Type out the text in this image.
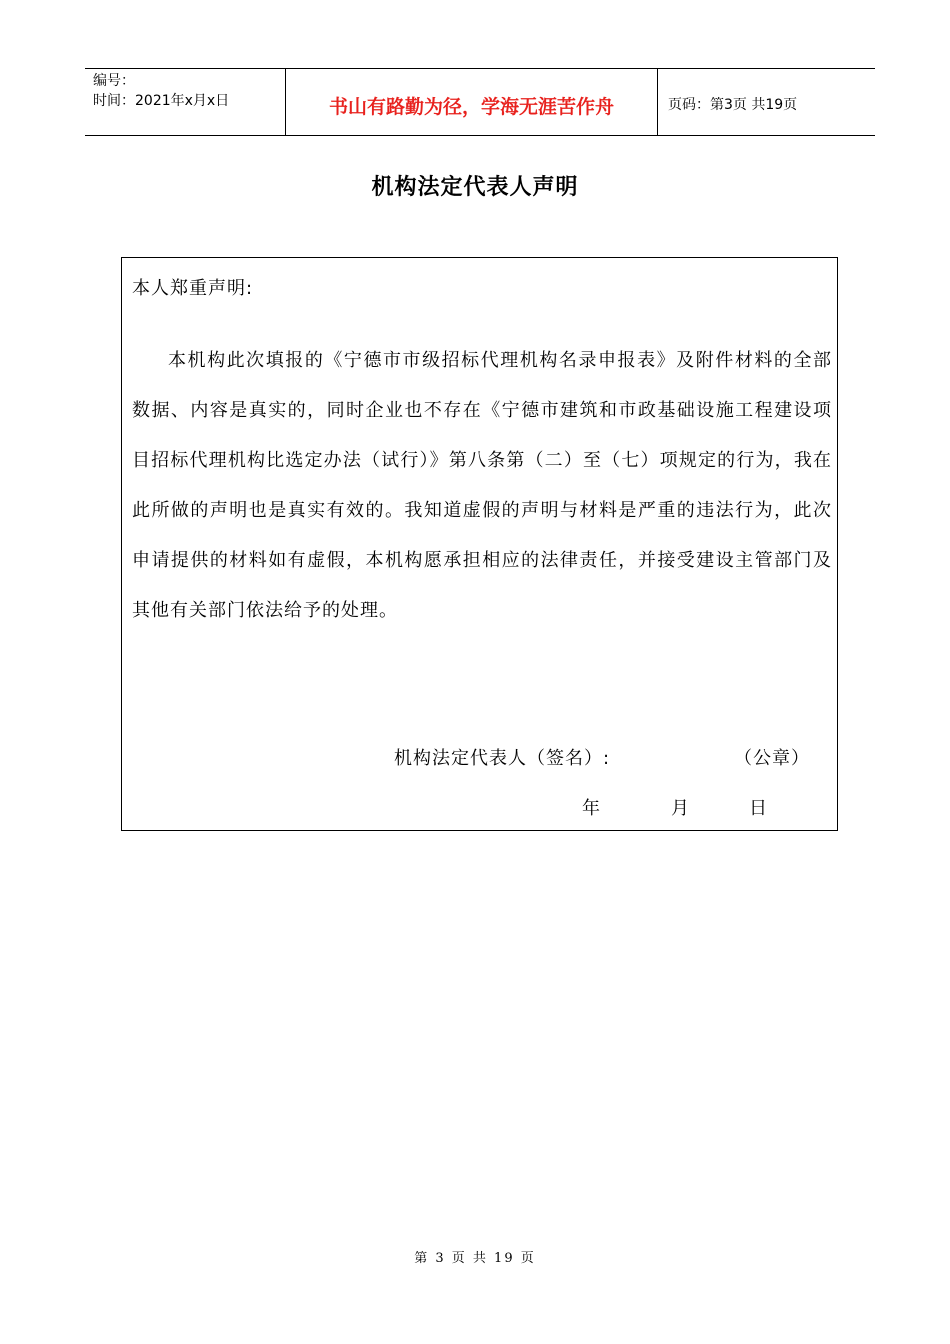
编号：
时间：2021年x月x日	书山有路勤为径，学海无涯苦作舟	页码：第3页 共19页
机构法定代表人声明
本人郑重声明:

本机构此次填报的《宁德市市级招标代理机构名录申报表》及附件材料的全部数据、内容是真实的，同时企业也不存在《宁德市建筑和市政基础设施工程建设项目招标代理机构比选定办法（试行）》第八条第（二）至（七）项规定的行为，我在此所做的声明也是真实有效的。我知道虚假的声明与材料是严重的违法行为，此次申请提供的材料如有虚假，本机构愿承担相应的法律责任，并接受建设主管部门及其他有关部门依法给予的处理。

机构法定代表人（签名）:	（公章）
年	月	日
第 3 页 共 19 页
